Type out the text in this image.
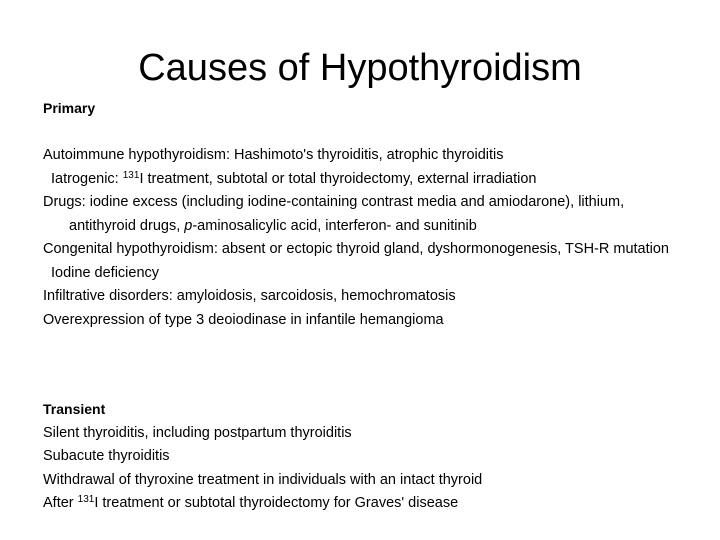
Causes of Hypothyroidism
Primary
Autoimmune hypothyroidism: Hashimoto's thyroiditis, atrophic thyroiditis
Iatrogenic: $^{131}$I treatment, subtotal or total thyroidectomy, external irradiation
Drugs: iodine excess (including iodine-containing contrast media and amiodarone), lithium, antithyroid drugs, p-aminosalicylic acid, interferon- and sunitinib
Congenital hypothyroidism: absent or ectopic thyroid gland, dyshormonogenesis, TSH-R mutation
Iodine deficiency
Infiltrative disorders: amyloidosis, sarcoidosis, hemochromatosis
Overexpression of type 3 deoiodinase in infantile hemangioma
Transient
Silent thyroiditis, including postpartum thyroiditis
Subacute thyroiditis
Withdrawal of thyroxine treatment in individuals with an intact thyroid
After $^{131}$I treatment or subtotal thyroidectomy for Graves' disease
